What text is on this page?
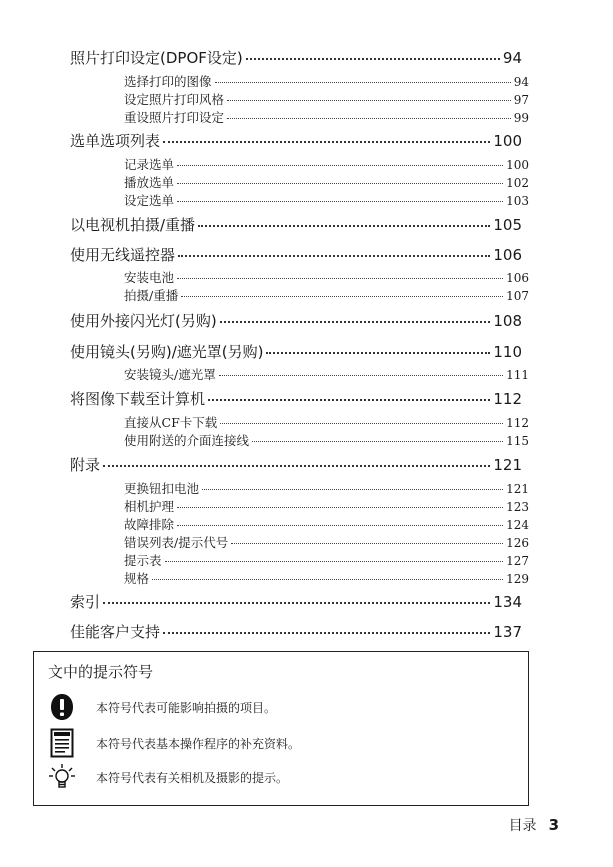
照片打印设定(DPOF设定)	94
选择打印的图像	94
设定照片打印风格	97
重设照片打印设定	99
选单选项列表	100
记录选单	100
播放选单	102
设定选单	103
以电视机拍摄/重播	105
使用无线遥控器	106
安装电池	106
拍摄/重播	107
使用外接闪光灯(另购)	108
使用镜头(另购)/遮光罩(另购)	110
安装镜头/遮光罩	111
将图像下载至计算机	112
直接从CF卡下载	112
使用附送的介面连接线	115
附录	121
更换钮扣电池	121
相机护理	123
故障排除	124
错误列表/提示代号	126
提示表	127
规格	129
索引	134
佳能客户支持	137
文中的提示符号
本符号代表可能影响拍摄的项目。
本符号代表基本操作程序的补充资料。
本符号代表有关相机及摄影的提示。
目录 3
